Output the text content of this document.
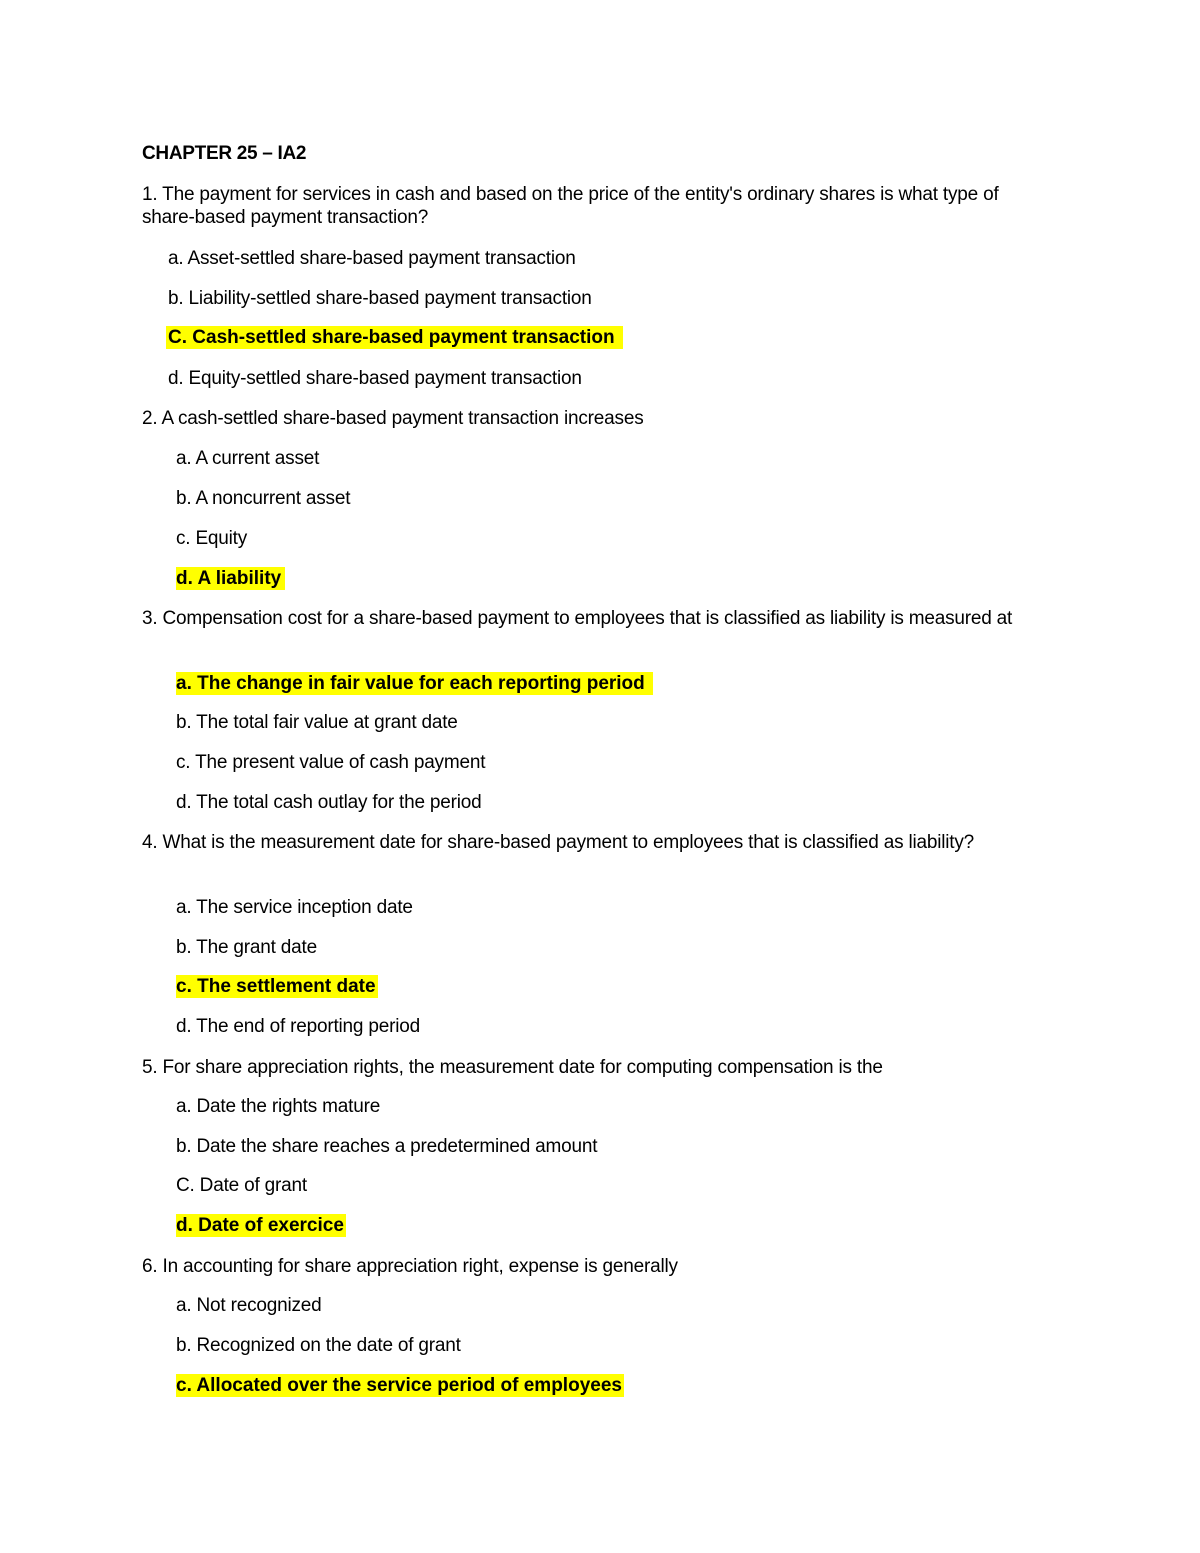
CHAPTER 25 – IA2
1. The payment for services in cash and based on the price of the entity's ordinary shares is what type of share-based payment transaction?
a. Asset-settled share-based payment transaction
b. Liability-settled share-based payment transaction
C. Cash-settled share-based payment transaction
d. Equity-settled share-based payment transaction
2. A cash-settled share-based payment transaction increases
a. A current asset
b. A noncurrent asset
c. Equity
d. A liability
3. Compensation cost for a share-based payment to employees that is classified as liability is measured at
a. The change in fair value for each reporting period
b. The total fair value at grant date
c. The present value of cash payment
d. The total cash outlay for the period
4. What is the measurement date for share-based payment to employees that is classified as liability?
a. The service inception date
b. The grant date
c. The settlement date
d. The end of reporting period
5. For share appreciation rights, the measurement date for computing compensation is the
a. Date the rights mature
b. Date the share reaches a predetermined amount
C. Date of grant
d. Date of exercice
6. In accounting for share appreciation right, expense is generally
a. Not recognized
b. Recognized on the date of grant
c. Allocated over the service period of employees
